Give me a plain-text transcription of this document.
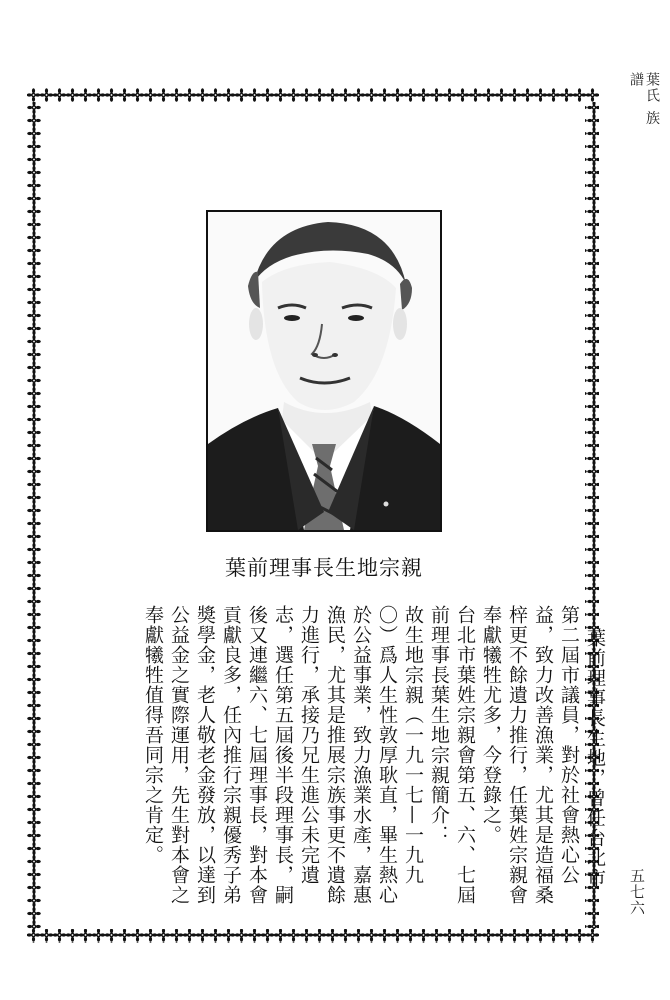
葉氏 族譜
葉前理事長生地宗親

葉前理事長生地，曾任台北市第二屆市議員，對於社會熱心公益，致力改善漁業，尤其是造福桑梓更不餘遺力推行，任葉姓宗親會奉獻犧牲尤多，今登錄之。

台北市葉姓宗親會第五、六、七屆前理事長葉生地宗親簡介：

故生地宗親（一九一七—一九九〇）爲人生性敦厚耿直，畢生熱心於公益事業，致力漁業水產，嘉惠漁民，尤其是推展宗族事更不遺餘力進行，承接乃兄生進公未完遺志，選任第五屆後半段理事長，嗣後又連繼六、七屆理事長，對本會貢獻良多，任內推行宗親優秀子弟獎學金，老人敬老金發放，以達到公益金之實際運用，先生對本會之奉獻犧牲值得吾同宗之肯定。

五七六
